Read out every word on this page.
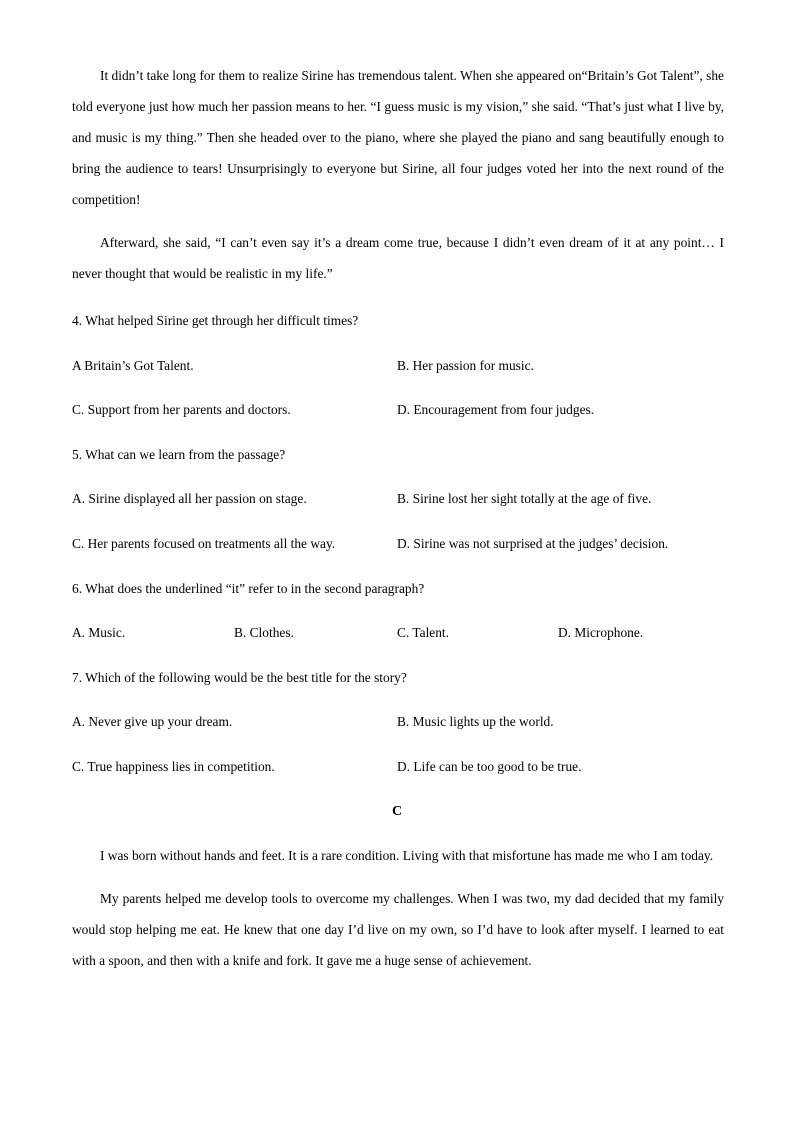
It didn’t take long for them to realize Sirine has tremendous talent. When she appeared on“Britain’s Got Talent”, she told everyone just how much her passion means to her. “I guess music is my vision,” she said. “That’s just what I live by, and music is my thing.” Then she headed over to the piano, where she played the piano and sang beautifully enough to bring the audience to tears! Unsurprisingly to everyone but Sirine, all four judges voted her into the next round of the competition!

Afterward, she said, “I can’t even say it’s a dream come true, because I didn’t even dream of it at any point… I never thought that would be realistic in my life.”

4. What helped Sirine get through her difficult times?

A Britain’s Got Talent.	B. Her passion for music.

C. Support from her parents and doctors.	D. Encouragement from four judges.

5. What can we learn from the passage?

A. Sirine displayed all her passion on stage.	B. Sirine lost her sight totally at the age of five.

C. Her parents focused on treatments all the way.	D. Sirine was not surprised at the judges’ decision.

6. What does the underlined “it” refer to in the second paragraph?

A. Music.	B. Clothes.	C. Talent.	D. Microphone.

7. Which of the following would be the best title for the story?

A. Never give up your dream.	B. Music lights up the world.

C. True happiness lies in competition.	D. Life can be too good to be true.

C

I was born without hands and feet. It is a rare condition. Living with that misfortune has made me who I am today.

My parents helped me develop tools to overcome my challenges. When I was two, my dad decided that my family would stop helping me eat. He knew that one day I’d live on my own, so I’d have to look after myself. I learned to eat with a spoon, and then with a knife and fork. It gave me a huge sense of achievement.
